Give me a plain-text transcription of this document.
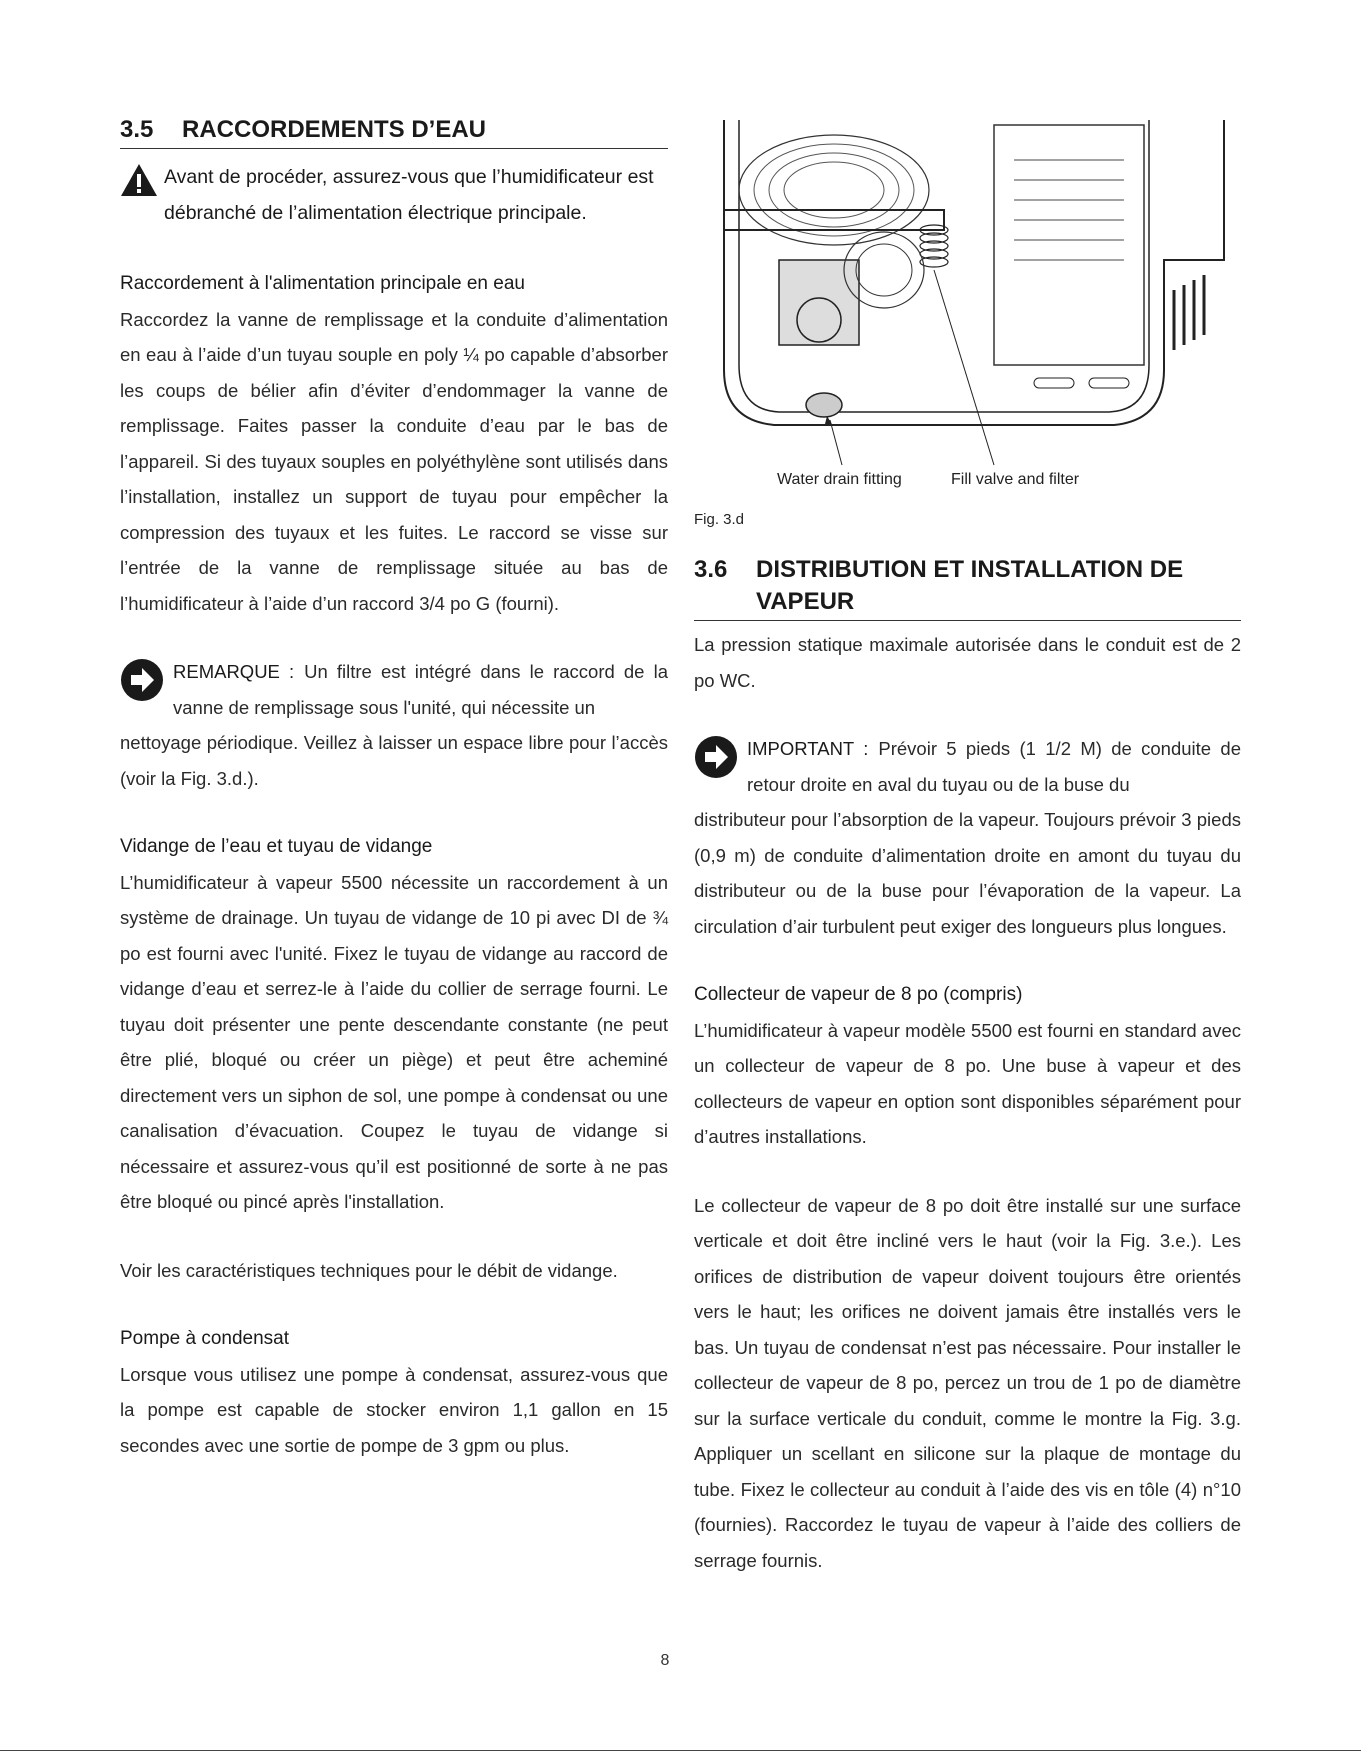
3.5	RACCORDEMENTS D’EAU
Avant de procéder, assurez-vous que l’humidificateur est débranché de l’alimentation électrique principale.

Raccordement à l'alimentation principale en eau

Raccordez la vanne de remplissage et la conduite d’alimentation en eau à l’aide d’un tuyau souple en poly ¼ po capable d’absorber les coups de bélier afin d’éviter d’endommager la vanne de remplissage. Faites passer la conduite d’eau par le bas de l’appareil. Si des tuyaux souples en polyéthylène sont utilisés dans l’installation, installez un support de tuyau pour empêcher la compression des tuyaux et les fuites. Le raccord se visse sur l’entrée de la vanne de remplissage située au bas de l’humidificateur à l’aide d’un raccord 3/4 po G (fourni).

REMARQUE : Un filtre est intégré dans le raccord de la vanne de remplissage sous l'unité, qui nécessite un

nettoyage périodique. Veillez à laisser un espace libre pour l’accès (voir la Fig. 3.d.).

Vidange de l’eau et tuyau de vidange

L’humidificateur à vapeur 5500 nécessite un raccordement à un système de drainage. Un tuyau de vidange de 10 pi avec DI de ¾ po est fourni avec l'unité. Fixez le tuyau de vidange au raccord de vidange d’eau et serrez-le à l’aide du collier de serrage fourni. Le tuyau doit présenter une pente descendante constante (ne peut être plié, bloqué ou créer un piège) et peut être acheminé directement vers un siphon de sol, une pompe à condensat ou une canalisation d’évacuation. Coupez le tuyau de vidange si nécessaire et assurez-vous qu’il est positionné de sorte à ne pas être bloqué ou pincé après l'installation.

Voir les caractéristiques techniques pour le débit de vidange.

Pompe à condensat

Lorsque vous utilisez une pompe à condensat, assurez-vous que la pompe est capable de stocker environ 1,1 gallon en 15 secondes avec une sortie de pompe de 3 gpm ou plus.

Water drain fitting	Fill valve and filter
Fig. 3.d
3.6	DISTRIBUTION ET INSTALLATION DE VAPEUR

La pression statique maximale autorisée dans le conduit est de 2 po WC.

IMPORTANT : Prévoir 5 pieds (1 1/2 M) de conduite de retour droite en aval du tuyau ou de la buse du

distributeur pour l’absorption de la vapeur. Toujours prévoir 3 pieds (0,9 m) de conduite d’alimentation droite en amont du tuyau du distributeur ou de la buse pour l’évaporation de la vapeur. La circulation d’air turbulent peut exiger des longueurs plus longues.

Collecteur de vapeur de 8 po (compris)

L’humidificateur à vapeur modèle 5500 est fourni en standard avec un collecteur de vapeur de 8 po. Une buse à vapeur et des collecteurs de vapeur en option sont disponibles séparément pour d’autres installations.

Le collecteur de vapeur de 8 po doit être installé sur une surface verticale et doit être incliné vers le haut (voir la Fig. 3.e.). Les orifices de distribution de vapeur doivent toujours être orientés vers le haut; les orifices ne doivent jamais être installés vers le bas. Un tuyau de condensat n’est pas nécessaire. Pour installer le collecteur de vapeur de 8 po, percez un trou de 1 po de diamètre sur la surface verticale du conduit, comme le montre la Fig. 3.g. Appliquer un scellant en silicone sur la plaque de montage du tube. Fixez le collecteur au conduit à l’aide des vis en tôle (4) n°10 (fournies). Raccordez le tuyau de vapeur à l’aide des colliers de serrage fournis.

8
